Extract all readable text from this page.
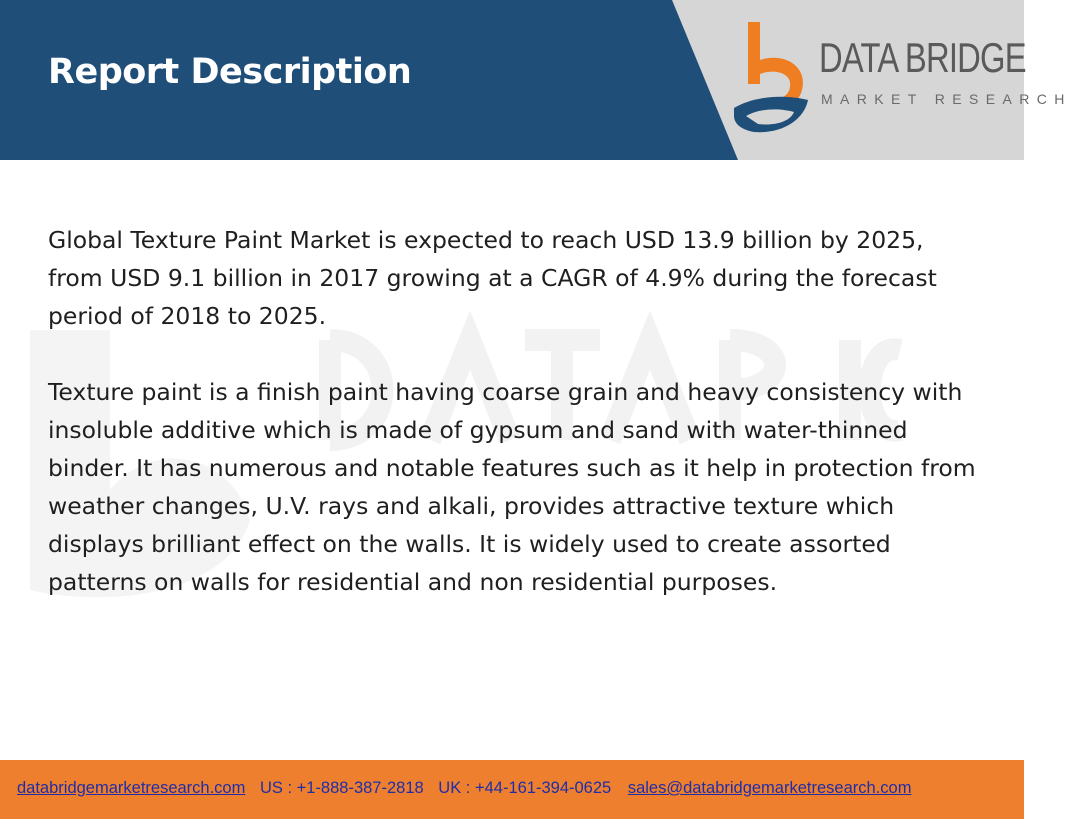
Report Description	DATA BRIDGE
MARKET RESEARCH

Global Texture Paint Market is expected to reach USD 13.9 billion by 2025, from USD 9.1 billion in 2017 growing at a CAGR of 4.9% during the forecast period of 2018 to 2025.

Texture paint is a finish paint having coarse grain and heavy consistency with insoluble additive which is made of gypsum and sand with water-thinned binder. It has numerous and notable features such as it help in protection from weather changes, U.V. rays and alkali, provides attractive texture which displays brilliant effect on the walls. It is widely used to create assorted patterns on walls for residential and non residential purposes.

databridgemarketresearch.com US : +1-888-387-2818 UK : +44-161-394-0625 sales@databridgemarketresearch.com
